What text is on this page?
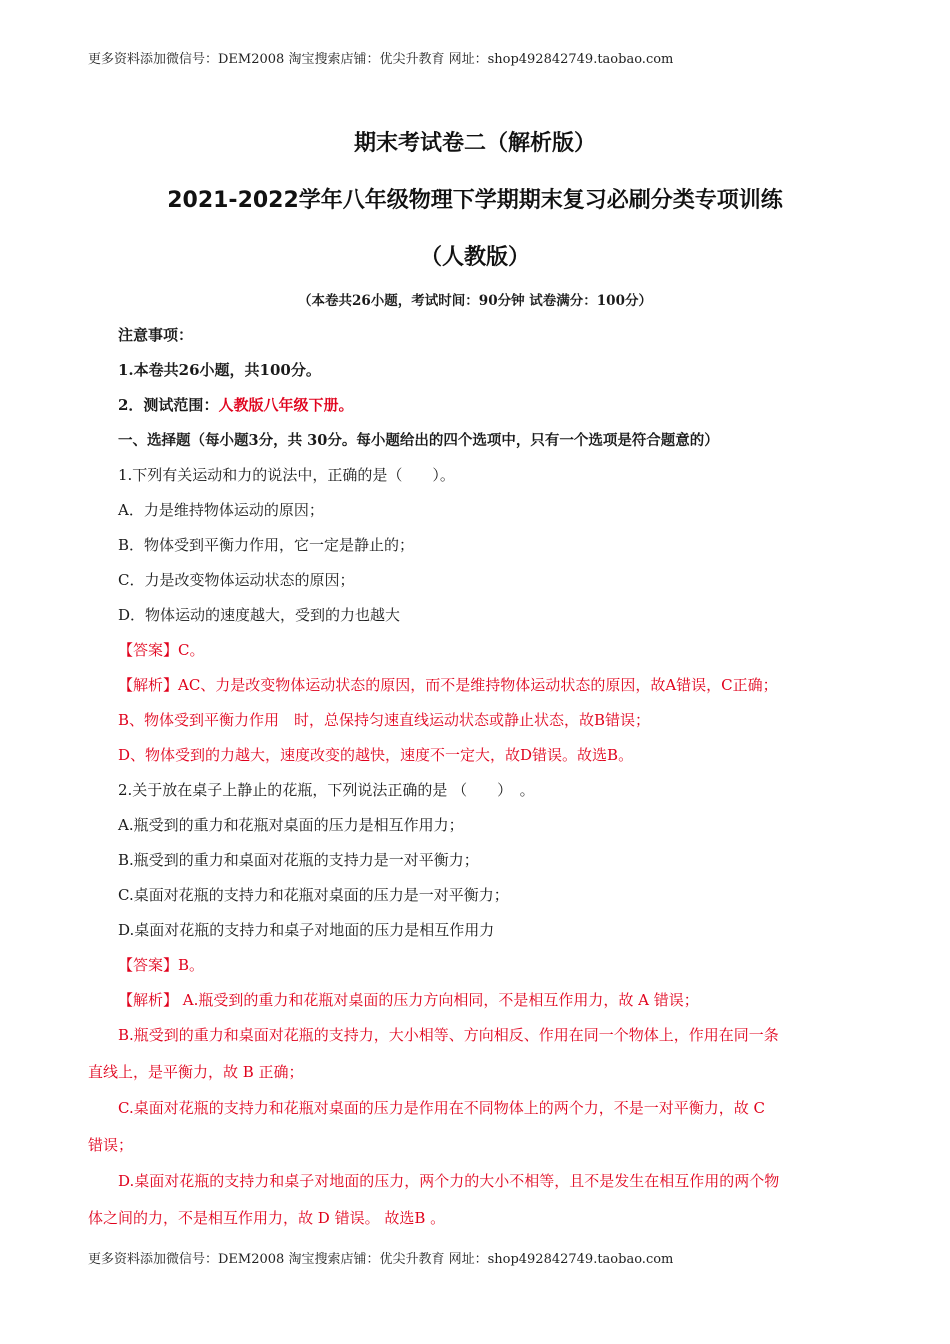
更多资料添加微信号：DEM2008 淘宝搜索店铺：优尖升教育 网址：shop492842749.taobao.com
期末考试卷二（解析版）
2021-2022学年八年级物理下学期期末复习必刷分类专项训练
（人教版）
（本卷共26小题，考试时间：90分钟 试卷满分：100分）
注意事项：
1.本卷共26小题，共100分。
2．测试范围：人教版八年级下册。
一、选择题（每小题3分，共 30分。每小题给出的四个选项中，只有一个选项是符合题意的）
1.下列有关运动和力的说法中，正确的是（　　）。
A．力是维持物体运动的原因；
B．物体受到平衡力作用，它一定是静止的；
C．力是改变物体运动状态的原因；
D．物体运动的速度越大，受到的力也越大
【答案】C。
【解析】AC、力是改变物体运动状态的原因，而不是维持物体运动状态的原因，故A错误，C正确；
B、物体受到平衡力作用　时，总保持匀速直线运动状态或静止状态，故B错误；
D、物体受到的力越大，速度改变的越快，速度不一定大，故D错误。故选B。
2.关于放在桌子上静止的花瓶，下列说法正确的是 （　　）　。
A.瓶受到的重力和花瓶对桌面的压力是相互作用力；
B.瓶受到的重力和桌面对花瓶的支持力是一对平衡力；
C.桌面对花瓶的支持力和花瓶对桌面的压力是一对平衡力；
D.桌面对花瓶的支持力和桌子对地面的压力是相互作用力
【答案】B。
【解析】 A.瓶受到的重力和花瓶对桌面的压力方向相同，不是相互作用力，故 A 错误；
B.瓶受到的重力和桌面对花瓶的支持力，大小相等、方向相反、作用在同一个物体上，作用在同一条
直线上，是平衡力，故 B 正确；
C.桌面对花瓶的支持力和花瓶对桌面的压力是作用在不同物体上的两个力，不是一对平衡力，故 C
错误；
D.桌面对花瓶的支持力和桌子对地面的压力，两个力的大小不相等，且不是发生在相互作用的两个物
体之间的力，不是相互作用力，故 D 错误。 故选B 。
更多资料添加微信号：DEM2008 淘宝搜索店铺：优尖升教育 网址：shop492842749.taobao.com
